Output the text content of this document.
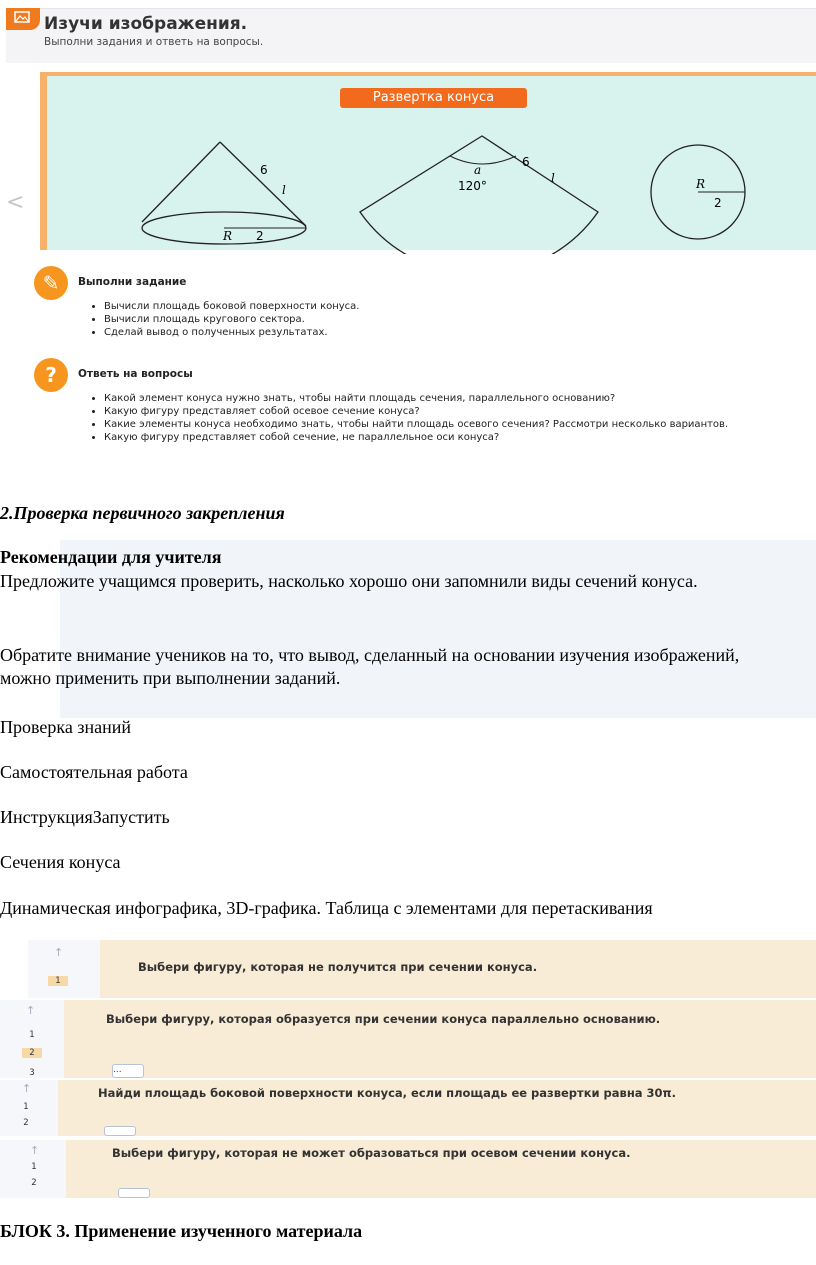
Изучи изображения.
Выполни задания и ответь на вопросы.
Развертка конуса
<
6
l
R 2
a
120°
6
l	R
2
✎	Выполни задание
• Вычисли площадь боковой поверхности конуса.
• Вычисли площадь кругового сектора.
• Сделай вывод о полученных результатах.
?	Ответь на вопросы
• Какой элемент конуса нужно знать, чтобы найти площадь сечения, параллельного основанию?
• Какую фигуру представляет собой осевое сечение конуса?
• Какие элементы конуса необходимо знать, чтобы найти площадь осевого сечения? Рассмотри несколько вариантов.
• Какую фигуру представляет собой сечение, не параллельное оси конуса?
2.Проверка первичного закрепления
Рекомендации для учителя
Предложите учащимся проверить, насколько хорошо они запомнили виды сечений конуса.
Обратите внимание учеников на то, что вывод, сделанный на основании изучения изображений, можно применить при выполнении заданий.
Проверка знаний
Самостоятельная работа
ИнструкцияЗапустить
Сечения конуса
Динамическая инфографика, 3D-графика. Таблица с элементами для перетаскивания
↑
1
Выбери фигуру, которая не получится при сечении конуса.
↑
1
2
3
Выбери фигуру, которая образуется при сечении конуса параллельно основанию.
...
↑
1
2
Найди площадь боковой поверхности конуса, если площадь ее развертки равна 30π.
↑
1
2
Выбери фигуру, которая не может образоваться при осевом сечении конуса.
БЛОК 3. Применение изученного материала
